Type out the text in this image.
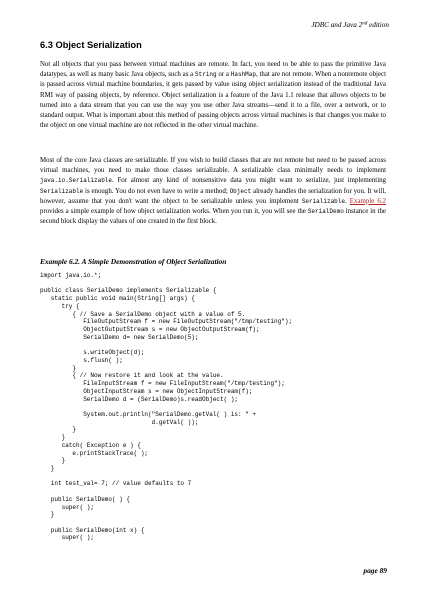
JDBC and Java 2nd edition
6.3 Object Serialization

Not all objects that you pass between virtual machines are remote. In fact, you need to be able to pass the primitive Java datatypes, as well as many basic Java objects, such as a String or a HashMap, that are not remote. When a nonremote object is passed across virtual machine boundaries, it gets passed by value using object serialization instead of the traditional Java RMI way of passing objects, by reference. Object serialization is a feature of the Java 1.1 release that allows objects to be turned into a data stream that you can use the way you use other Java streams—send it to a file, over a network, or to standard output. What is important about this method of passing objects across virtual machines is that changes you make to the object on one virtual machine are not reflected in the other virtual machine.

Most of the core Java classes are serializable. If you wish to build classes that are not remote but need to be passed across virtual machines, you need to make those classes serializable. A serializable class minimally needs to implement java.io.Serializable. For almost any kind of nonsensitive data you might want to serialize, just implementing Serializable is enough. You do not even have to write a method; Object already handles the serialization for you. It will, however, assume that you don't want the object to be serializable unless you implement Serializable. Example 6.2 provides a simple example of how object serialization works. When you run it, you will see the SerialDemo instance in the second block display the values of one created in the first block.

Example 6.2. A Simple Demonstration of Object Serialization
import java.io.*;

public class SerialDemo implements Serializable {
static public void main(String[] args) {
try {
{ // Save a SerialDemo object with a value of 5.
FileOutputStream f = new FileOutputStream("/tmp/testing");
ObjectOutputStream s = new ObjectOutputStream(f);
SerialDemo d= new SerialDemo(5);

s.writeObject(d);
s.flush( );
}
{ // Now restore it and look at the value.
FileInputStream f = new FileInputStream("/tmp/testing");
ObjectInputStream s = new ObjectInputStream(f);
SerialDemo d = (SerialDemo)s.readObject( );

System.out.println("SerialDemo.getVal( ) is: " +
d.getVal( ));
}
}
catch( Exception e ) {
e.printStackTrace( );
}
}

int test_val= 7; // value defaults to 7

public SerialDemo( ) {
super( );
}

public SerialDemo(int x) {
super( );

page 89
